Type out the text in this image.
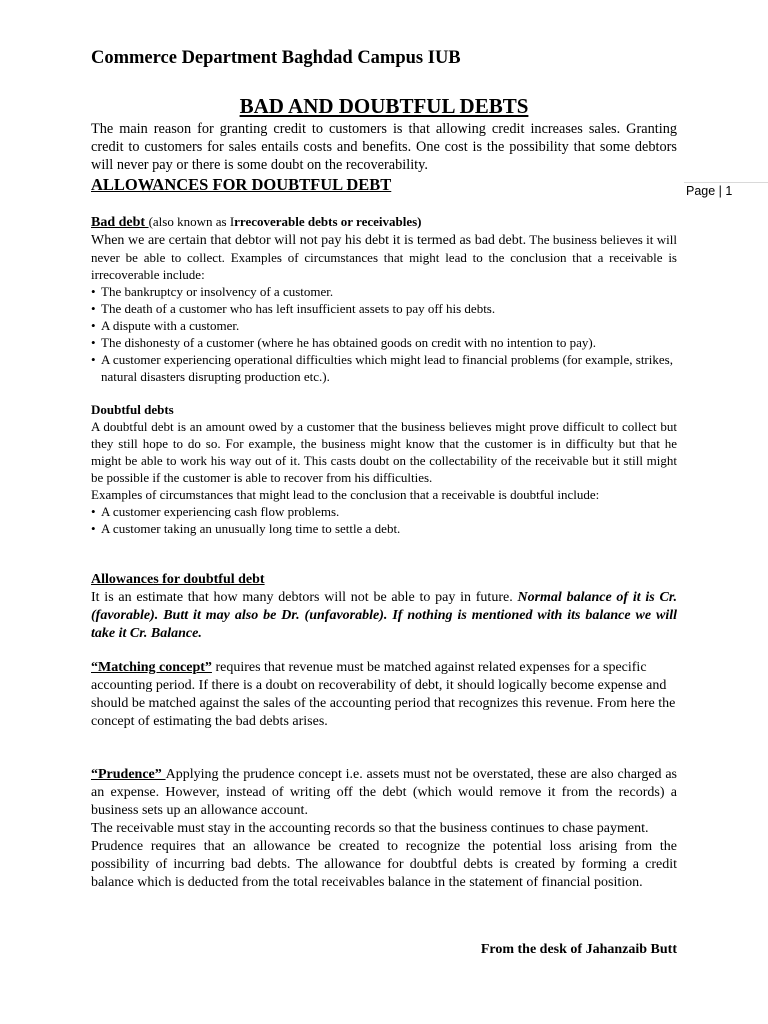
Commerce Department Baghdad Campus IUB
BAD AND DOUBTFUL DEBTS

The main reason for granting credit to customers is that allowing credit increases sales. Granting credit to customers for sales entails costs and benefits. One cost is the possibility that some debtors will never pay or there is some doubt on the recoverability.

ALLOWANCES FOR DOUBTFUL DEBT	Page | 1

Bad debt (also known as Irrecoverable debts or receivables)

When we are certain that debtor will not pay his debt it is termed as bad debt. The business believes it will never be able to collect. Examples of circumstances that might lead to the conclusion that a receivable is irrecoverable include:

• The bankruptcy or insolvency of a customer.
• The death of a customer who has left insufficient assets to pay off his debts.
• A dispute with a customer.
• The dishonesty of a customer (where he has obtained goods on credit with no intention to pay).
• A customer experiencing operational difficulties which might lead to financial problems (for example, strikes, natural disasters disrupting production etc.).

Doubtful debts

A doubtful debt is an amount owed by a customer that the business believes might prove difficult to collect but they still hope to do so. For example, the business might know that the customer is in difficulty but that he might be able to work his way out of it. This casts doubt on the collectability of the receivable but it still might be possible if the customer is able to recover from his difficulties.

Examples of circumstances that might lead to the conclusion that a receivable is doubtful include:

• A customer experiencing cash flow problems.
• A customer taking an unusually long time to settle a debt.

Allowances for doubtful debt

It is an estimate that how many debtors will not be able to pay in future. Normal balance of it is Cr.(favorable). Butt it may also be Dr. (unfavorable). If nothing is mentioned with its balance we will take it Cr. Balance.

“Matching concept” requires that revenue must be matched against related expenses for a specific

accounting period. If there is a doubt on recoverability of debt, it should logically become expense and should be matched against the sales of the accounting period that recognizes this revenue. From here the concept of estimating the bad debts arises.

“Prudence” Applying the prudence concept i.e. assets must not be overstated, these are also charged as an expense. However, instead of writing off the debt (which would remove it from the records) a business sets up an allowance account.

The receivable must stay in the accounting records so that the business continues to chase payment.

Prudence requires that an allowance be created to recognize the potential loss arising from the possibility of incurring bad debts. The allowance for doubtful debts is created by forming a credit balance which is deducted from the total receivables balance in the statement of financial position.

From the desk of Jahanzaib Butt
